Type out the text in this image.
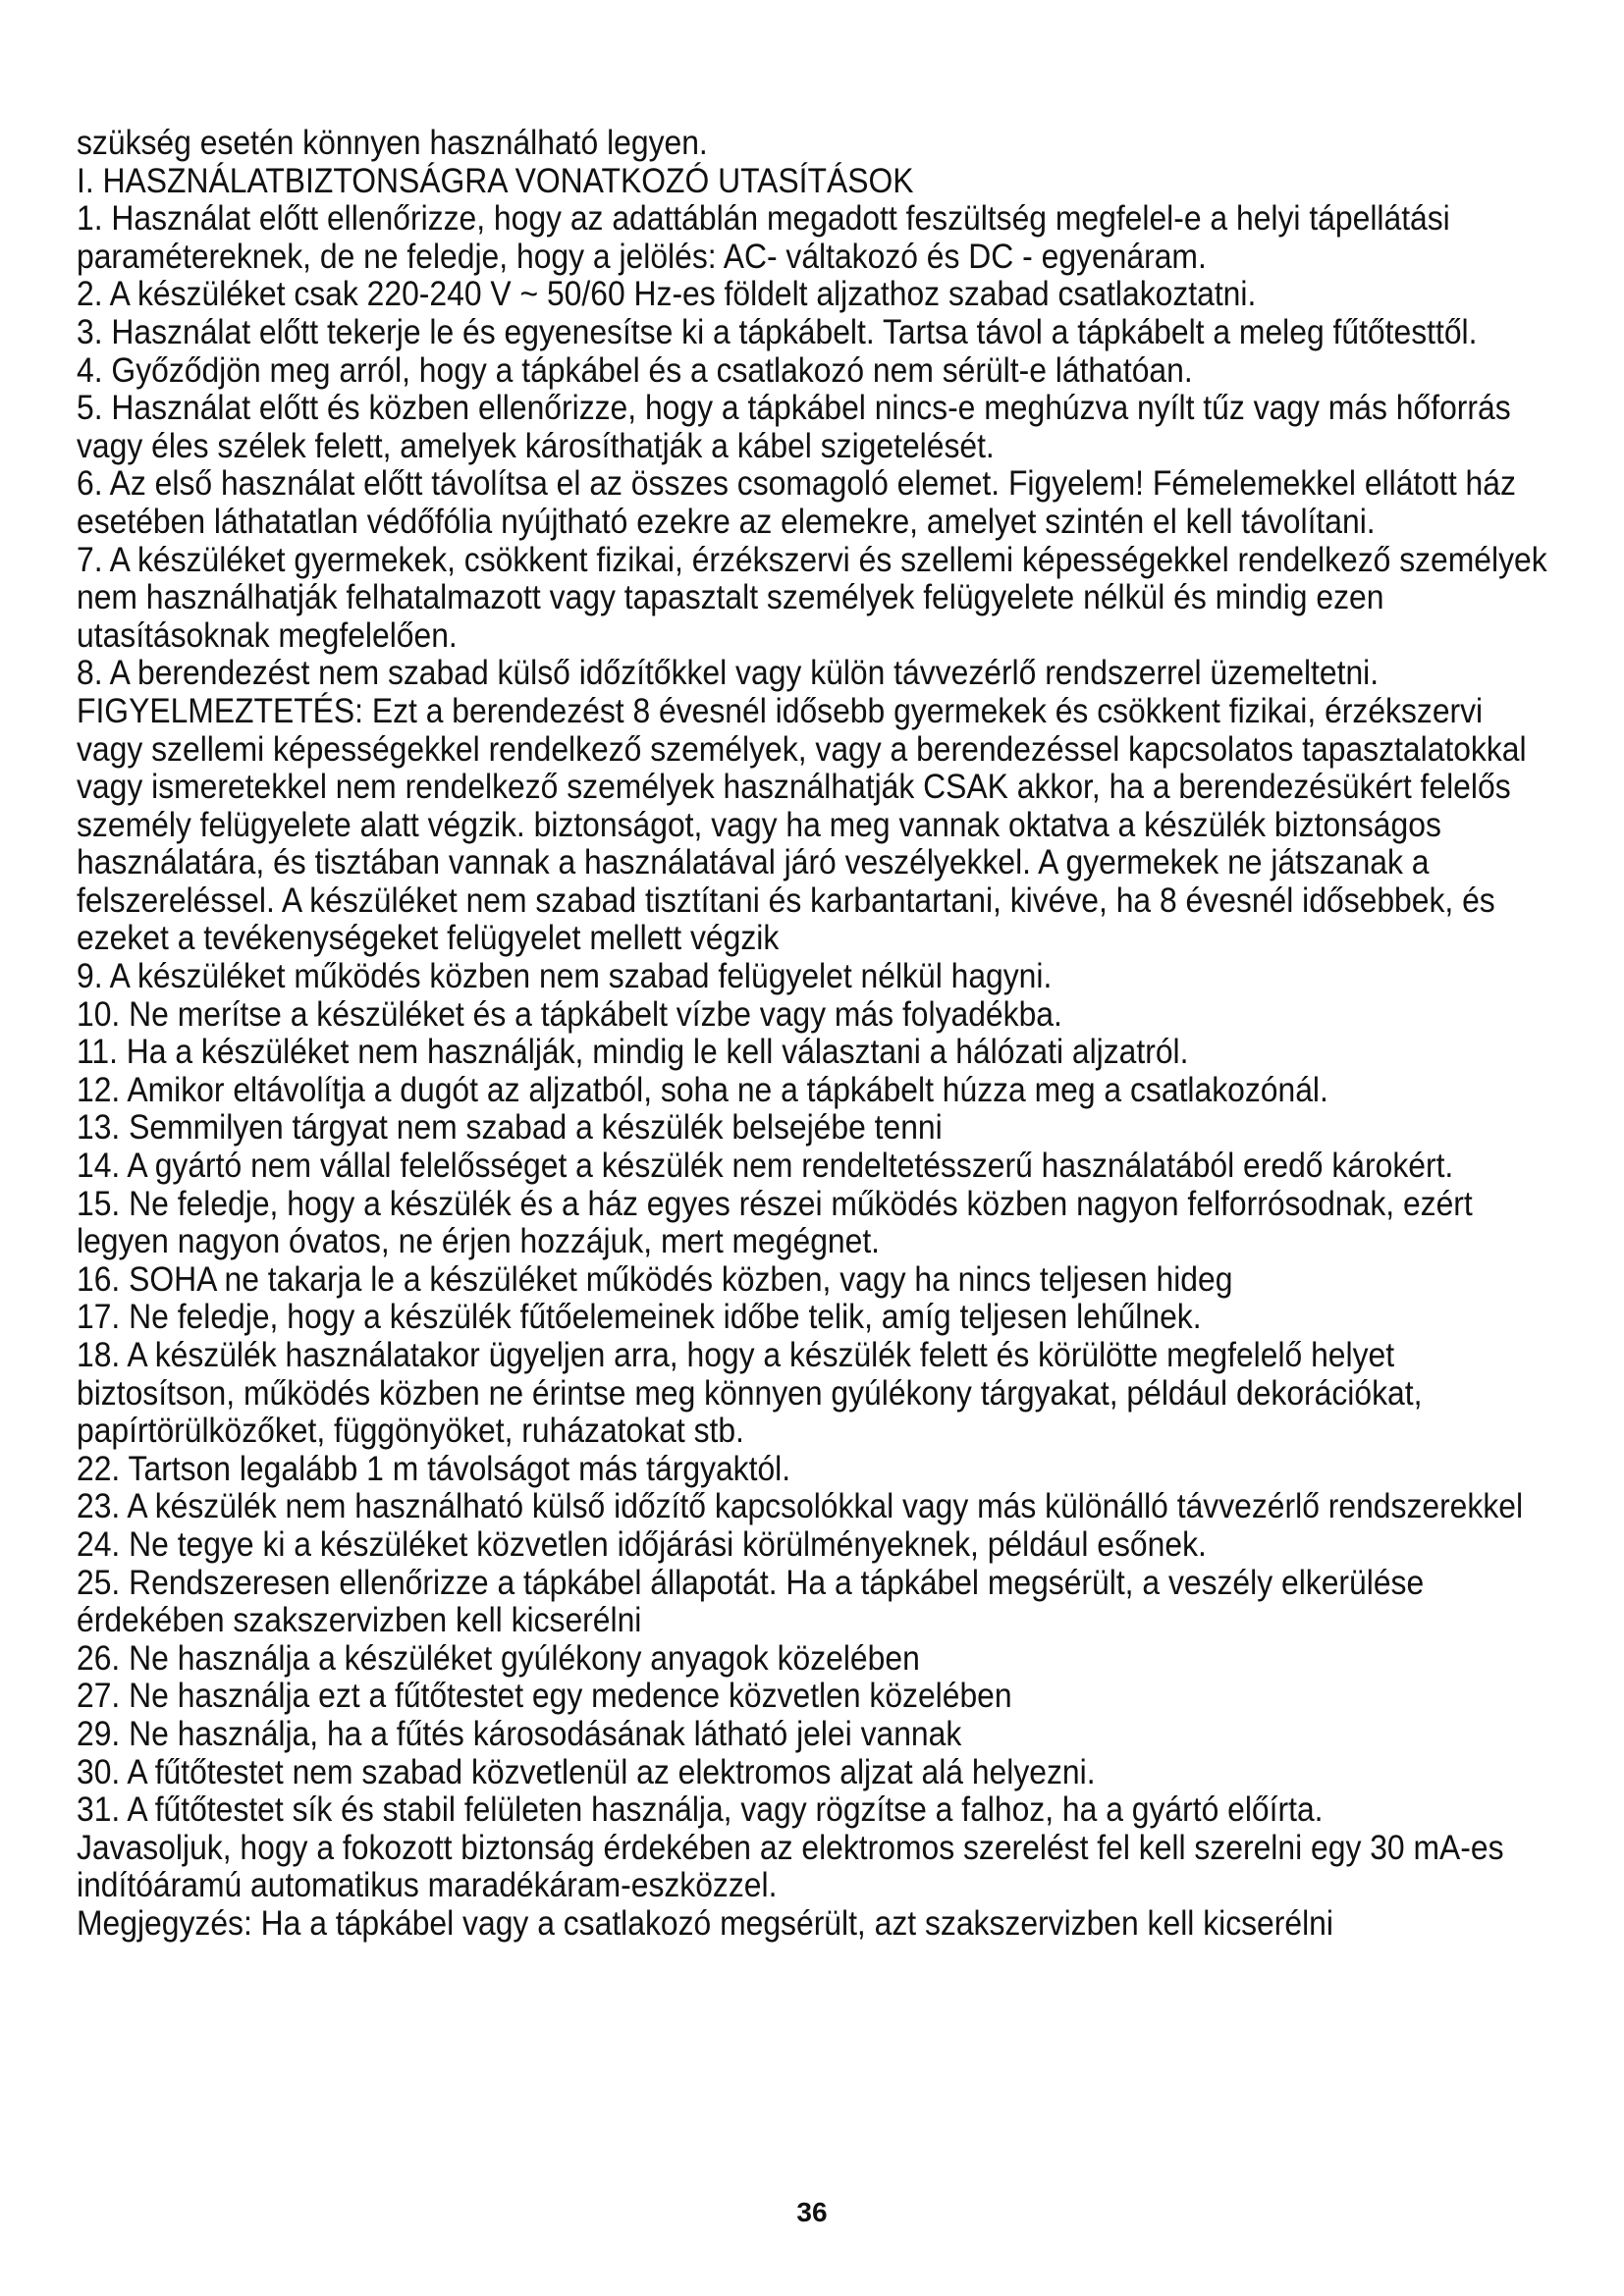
szükség esetén könnyen használható legyen.

I. HASZNÁLATBIZTONSÁGRA VONATKOZÓ UTASÍTÁSOK

1. Használat előtt ellenőrizze, hogy az adattáblán megadott feszültség megfelel-e a helyi tápellátási paramétereknek, de ne feledje, hogy a jelölés: AC- váltakozó és DC - egyenáram.

2. A készüléket csak 220-240 V ~ 50/60 Hz-es földelt aljzathoz szabad csatlakoztatni.

3. Használat előtt tekerje le és egyenesítse ki a tápkábelt. Tartsa távol a tápkábelt a meleg fűtőtesttől.

4. Győződjön meg arról, hogy a tápkábel és a csatlakozó nem sérült-e láthatóan.

5. Használat előtt és közben ellenőrizze, hogy a tápkábel nincs-e meghúzva nyílt tűz vagy más hőforrás vagy éles szélek felett, amelyek károsíthatják a kábel szigetelését.

6. Az első használat előtt távolítsa el az összes csomagoló elemet. Figyelem! Fémelemekkel ellátott ház esetében láthatatlan védőfólia nyújtható ezekre az elemekre, amelyet szintén el kell távolítani.

7. A készüléket gyermekek, csökkent fizikai, érzékszervi és szellemi képességekkel rendelkező személyek nem használhatják felhatalmazott vagy tapasztalt személyek felügyelete nélkül és mindig ezen utasításoknak megfelelően.

8. A berendezést nem szabad külső időzítőkkel vagy külön távvezérlő rendszerrel üzemeltetni.

FIGYELMEZTETÉS: Ezt a berendezést 8 évesnél idősebb gyermekek és csökkent fizikai, érzékszervi vagy szellemi képességekkel rendelkező személyek, vagy a berendezéssel kapcsolatos tapasztalatokkal vagy ismeretekkel nem rendelkező személyek használhatják CSAK akkor, ha a berendezésükért felelős személy felügyelete alatt végzik. biztonságot, vagy ha meg vannak oktatva a készülék biztonságos használatára, és tisztában vannak a használatával járó veszélyekkel. A gyermekek ne játszanak a felszereléssel. A készüléket nem szabad tisztítani és karbantartani, kivéve, ha 8 évesnél idősebbek, és ezeket a tevékenységeket felügyelet mellett végzik

9. A készüléket működés közben nem szabad felügyelet nélkül hagyni.

10. Ne merítse a készüléket és a tápkábelt vízbe vagy más folyadékba.

11. Ha a készüléket nem használják, mindig le kell választani a hálózati aljzatról.

12. Amikor eltávolítja a dugót az aljzatból, soha ne a tápkábelt húzza meg a csatlakozónál.

13. Semmilyen tárgyat nem szabad a készülék belsejébe tenni

14. A gyártó nem vállal felelősséget a készülék nem rendeltetésszerű használatából eredő károkért.

15. Ne feledje, hogy a készülék és a ház egyes részei működés közben nagyon felforrósodnak, ezért legyen nagyon óvatos, ne érjen hozzájuk, mert megégnet.

16. SOHA ne takarja le a készüléket működés közben, vagy ha nincs teljesen hideg

17. Ne feledje, hogy a készülék fűtőelemeinek időbe telik, amíg teljesen lehűlnek.

18. A készülék használatakor ügyeljen arra, hogy a készülék felett és körülötte megfelelő helyet biztosítson, működés közben ne érintse meg könnyen gyúlékony tárgyakat, például dekorációkat, papírtörülközőket, függönyöket, ruházatokat stb.

22. Tartson legalább 1 m távolságot más tárgyaktól.

23. A készülék nem használható külső időzítő kapcsolókkal vagy más különálló távvezérlő rendszerekkel

24. Ne tegye ki a készüléket közvetlen időjárási körülményeknek, például esőnek.

25. Rendszeresen ellenőrizze a tápkábel állapotát. Ha a tápkábel megsérült, a veszély elkerülése érdekében szakszervizben kell kicserélni

26. Ne használja a készüléket gyúlékony anyagok közelében

27. Ne használja ezt a fűtőtestet egy medence közvetlen közelében

29. Ne használja, ha a fűtés károsodásának látható jelei vannak

30. A fűtőtestet nem szabad közvetlenül az elektromos aljzat alá helyezni.

31. A fűtőtestet sík és stabil felületen használja, vagy rögzítse a falhoz, ha a gyártó előírta.

Javasoljuk, hogy a fokozott biztonság érdekében az elektromos szerelést fel kell szerelni egy 30 mA-es indítóáramú automatikus maradékáram-eszközzel.

Megjegyzés: Ha a tápkábel vagy a csatlakozó megsérült, azt szakszervizben kell kicserélni

36
